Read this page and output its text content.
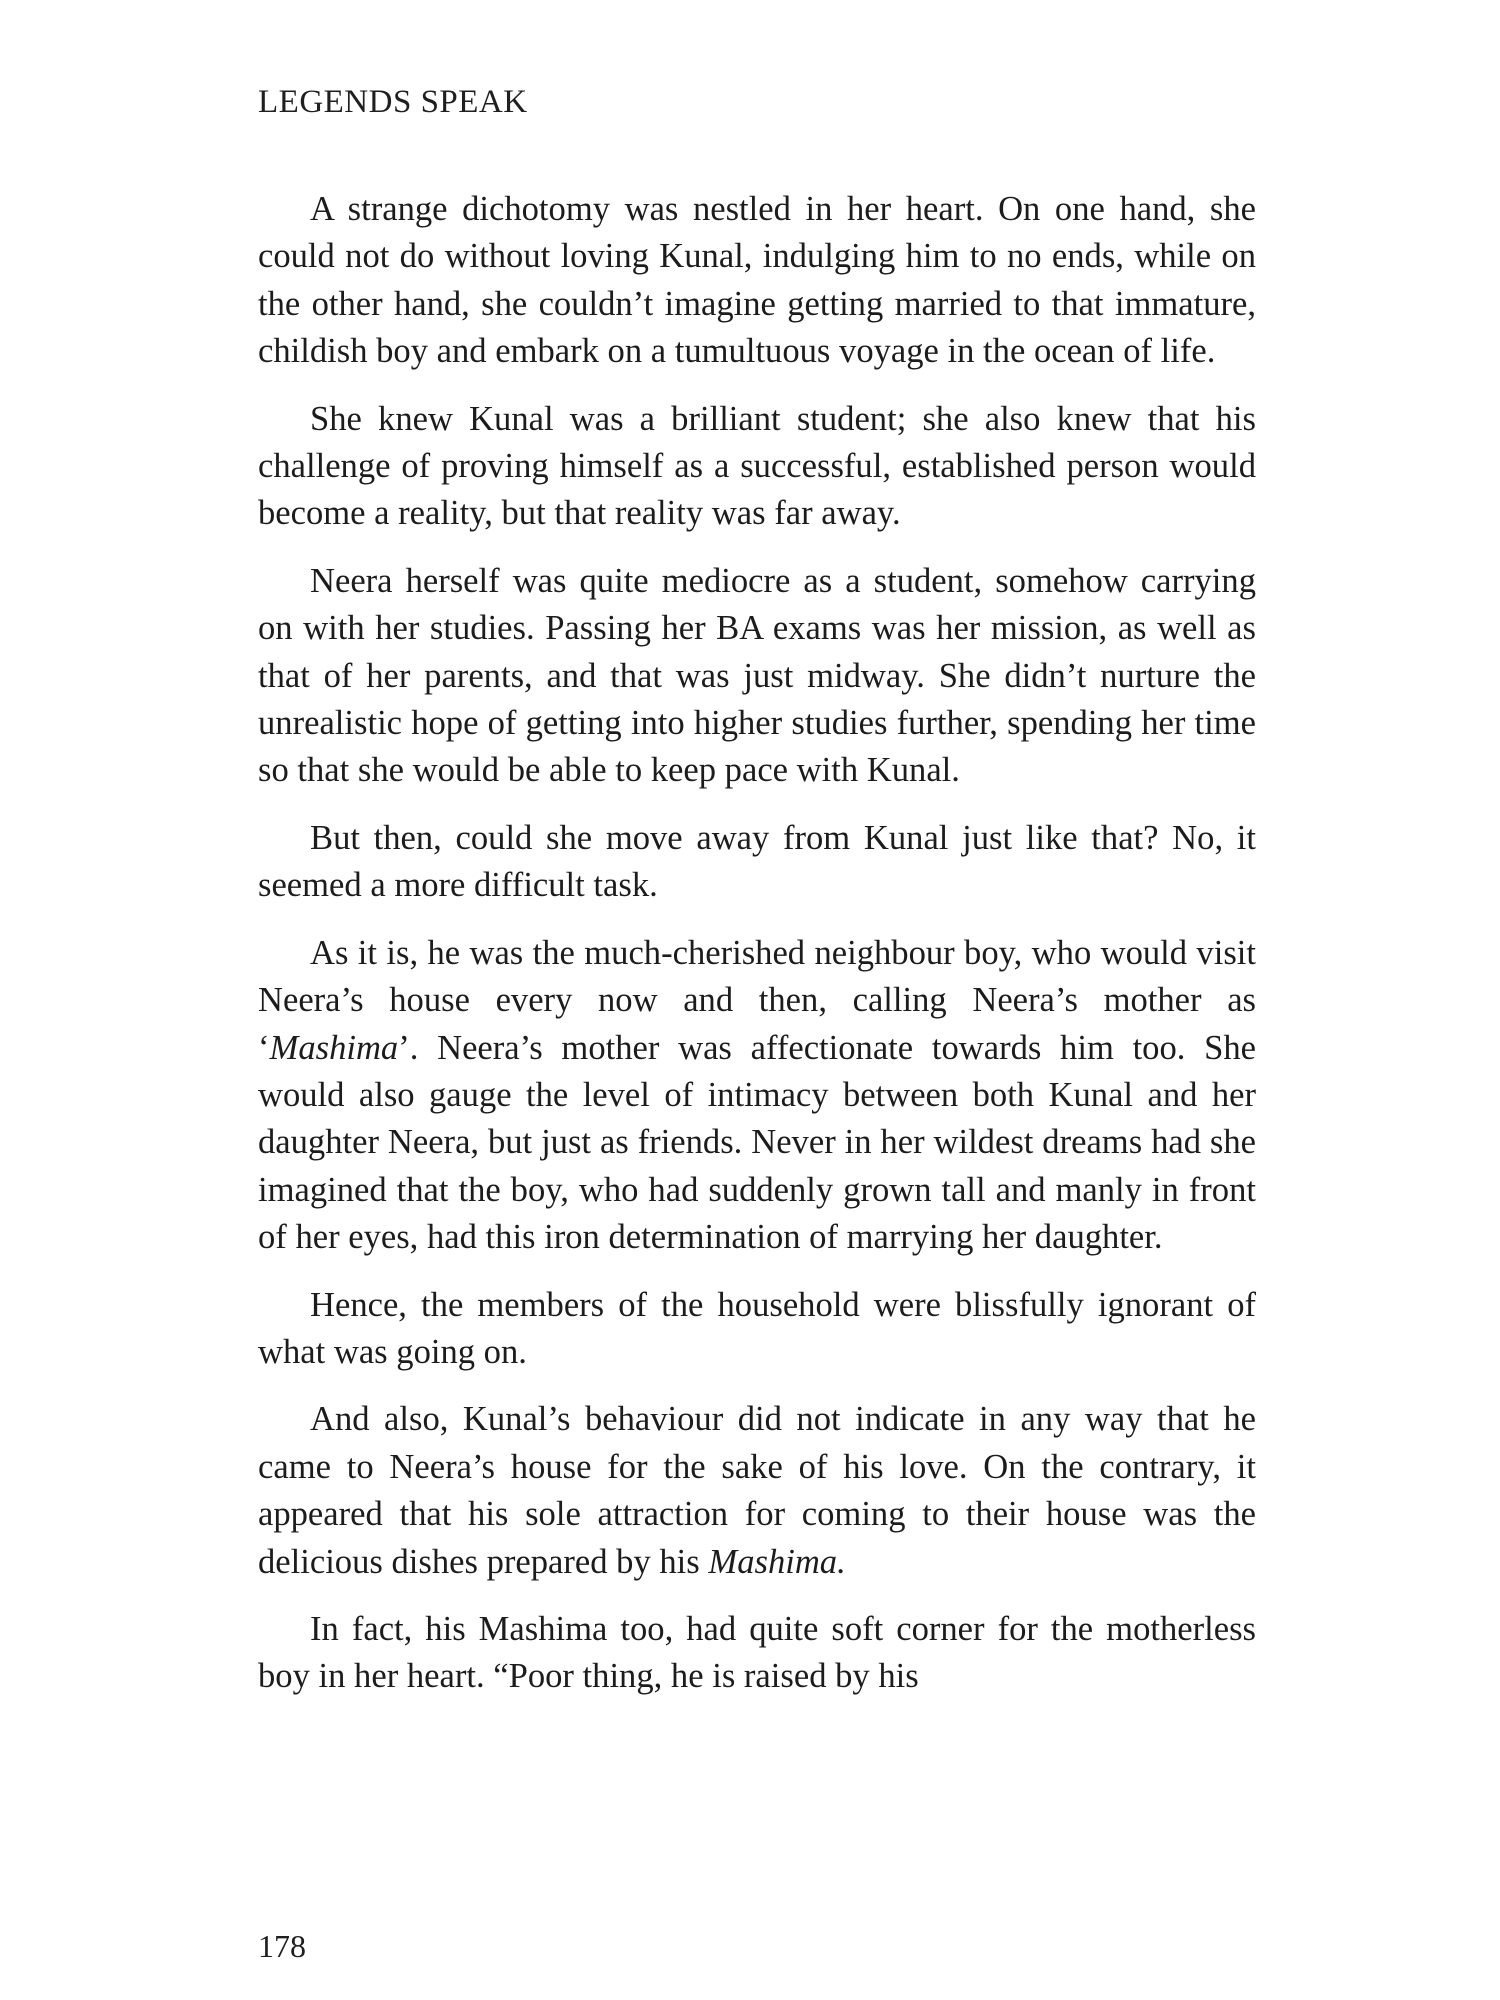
LEGENDS SPEAK

A strange dichotomy was nestled in her heart. On one hand, she could not do without loving Kunal, indulging him to no ends, while on the other hand, she couldn’t imagine getting married to that immature, childish boy and embark on a tumultuous voyage in the ocean of life.

She knew Kunal was a brilliant student; she also knew that his challenge of proving himself as a successful, established person would become a reality, but that reality was far away.

Neera herself was quite mediocre as a student, somehow carrying on with her studies. Passing her BA exams was her mission, as well as that of her parents, and that was just midway. She didn’t nurture the unrealistic hope of getting into higher studies further, spending her time so that she would be able to keep pace with Kunal.

But then, could she move away from Kunal just like that? No, it seemed a more difficult task.

As it is, he was the much-cherished neighbour boy, who would visit Neera’s house every now and then, calling Neera’s mother as ‘Mashima’. Neera’s mother was affectionate towards him too. She would also gauge the level of intimacy between both Kunal and her daughter Neera, but just as friends. Never in her wildest dreams had she imagined that the boy, who had suddenly grown tall and manly in front of her eyes, had this iron determination of marrying her daughter.

Hence, the members of the household were blissfully ignorant of what was going on.

And also, Kunal’s behaviour did not indicate in any way that he came to Neera’s house for the sake of his love. On the contrary, it appeared that his sole attraction for coming to their house was the delicious dishes prepared by his Mashima.

In fact, his Mashima too, had quite soft corner for the motherless boy in her heart. “Poor thing, he is raised by his

178
